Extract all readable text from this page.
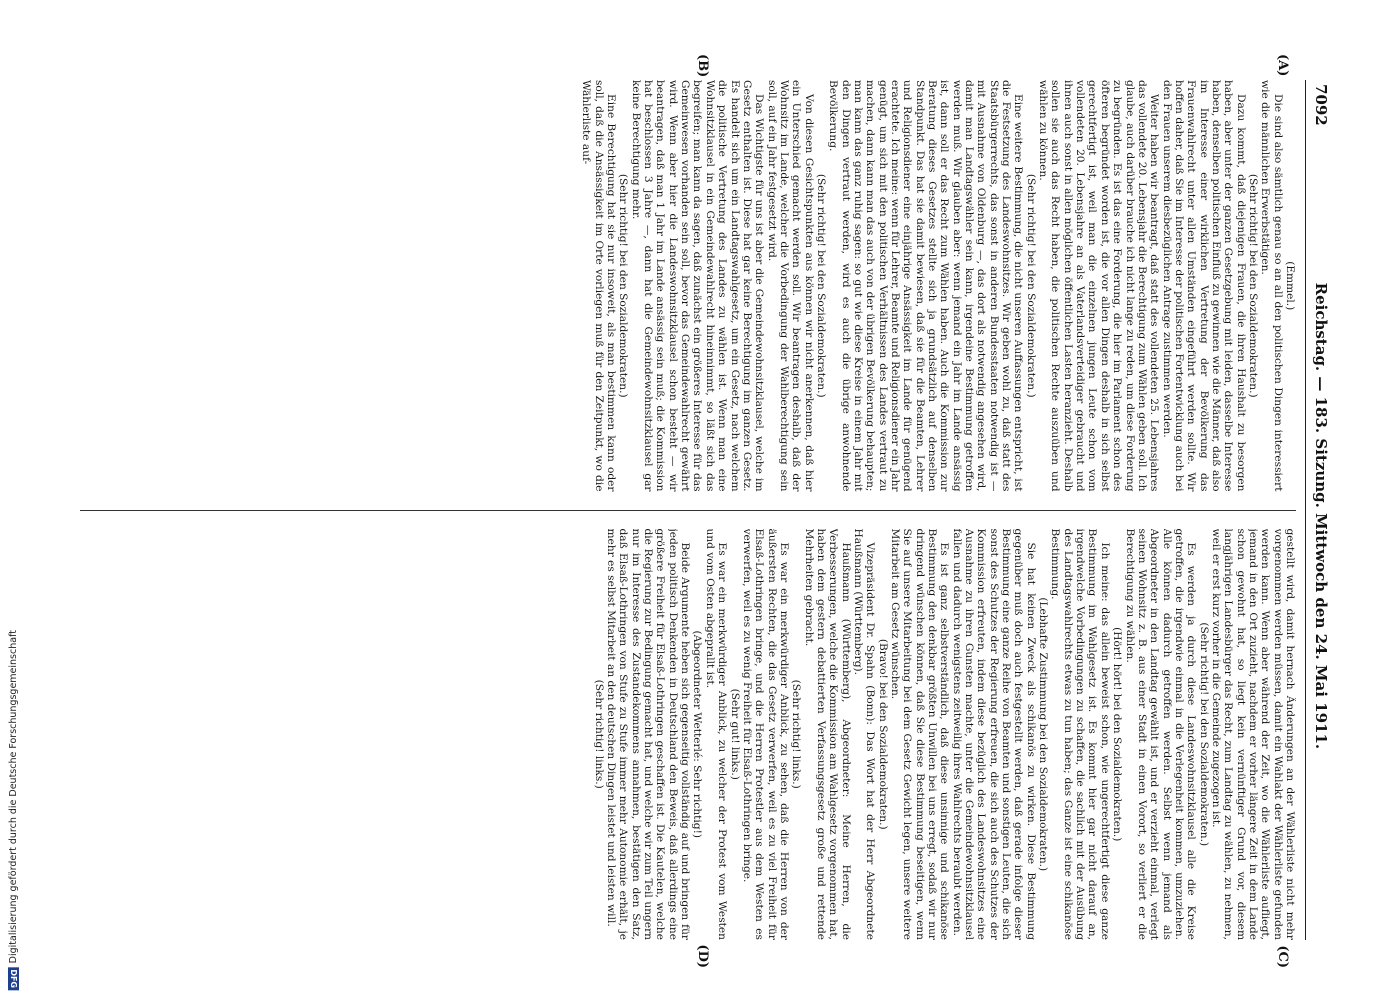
7092
Reichstag. — 183. Sitzung. Mittwoch den 24. Mai 1911.

(Emmel.)

Die sind also sämtlich genau so an all den politischen Dingen interessiert wie die männlichen Erwerbstätigen.

(Sehr richtig! bei den Sozialdemokraten.)

Dazu kommt, daß diejenigen Frauen, die ihren Haushalt zu besorgen haben, aber unter der ganzen Gesetzgebung mit leiden, dasselbe Interesse haben, denselben politischen Einfluß zu gewinnen wie die Männer, daß also im Interesse einer wirklichen Vertretung der Bevölkerung das Frauenwahlrecht unter allen Umständen eingeführt werden sollte. Wir hoffen daher, daß Sie im Interesse der politischen Fortentwicklung auch bei den Frauen unserem diesbezüglichen Antrage zustimmen werden.

Weiter haben wir beantragt, daß statt des vollendeten 25. Lebensjahres das vollendete 20. Lebensjahr die Berechtigung zum Wählen geben soll. Ich glaube, auch darüber brauche ich nicht lange zu reden, um diese Forderung zu begründen. Es ist das eine Forderung, die hier im Parlament schon des öfteren begründet worden ist, die vor allen Dingen deshalb in sich selbst gerechtfertigt ist, weil man die einzelnen jungen Leute schon vom vollendeten 20. Lebensjahre an als Vaterlandsverteidiger gebraucht und ihnen auch sonst in allen möglichen öffentlichen Lasten heranzieht. Deshalb sollen sie auch das Recht haben, die politischen Rechte auszuüben und wählen zu können.

(Sehr richtig! bei den Sozialdemokraten.)

Eine weitere Bestimmung, die nicht unseren Auffassungen entspricht, ist die Festsetzung des Landeswohnsitzes. Wir geben wohl zu, daß statt des Staatsbürgerrechts, das sonst in anderen Bundesstaaten notwendig ist — mit Ausnahme von Oldenburg —, das dort als notwendig angesehen wird, damit man Landtagswähler sein kann, irgendeine Bestimmung getroffen werden muß. Wir glauben aber: wenn jemand ein Jahr im Lande ansässig ist, dann soll er das Recht zum Wählen haben. Auch die Kommission zur Beratung dieses Gesetzes stellte sich ja grundsätzlich auf denselben Standpunkt. Das hat sie damit bewiesen, daß sie für die Beamten, Lehrer und Religionsdiener eine einjährige Ansässigkeit im Lande für genügend erachtete. Ich meine: wenn für Lehrer, Beamte und Religionsdiener ein Jahr genügt, um sich mit den politischen Verhältnissen des Landes vertraut zu machen, dann kann man das auch von der übrigen Bevölkerung behaupten; man kann das ganz ruhig sagen: so gut wie diese Kreise in einem Jahr mit den Dingen vertraut werden, wird es auch die übrige anwohnende Bevölkerung.

(Sehr richtig! bei den Sozialdemokraten.)

Von diesen Gesichtspunkten aus können wir nicht anerkennen, daß hier ein Unterschied gemacht werden soll. Wir beantragen deshalb, daß der Wohnsitz im Lande, welcher die Vorbedingung der Wahlberechtigung sein soll, auf ein Jahr festgesetzt wird.

Das Wichtigste für uns ist aber die Gemeindewohnsitzklausel, welche im Gesetz enthalten ist. Diese hat gar keine Berechtigung im ganzen Gesetz. Es handelt sich um ein Landtagswahlgesetz, um ein Gesetz, nach welchem die politische Vertretung des Landes zu wählen ist. Wenn man eine Wohnsitzklausel in ein Gemeindewahlrecht hineinnimmt, so läßt sich das begreifen; man kann da sagen, daß zunächst ein größeres Interesse für das Gemeinwesen vorhanden sein soll, bevor das Gemeindewahlrecht gewährt wird. Wenn aber hier die Landeswohnsitzklausel schon besteht — wir beantragen, daß man 1 Jahr im Lande ansässig sein muß; die Kommission hat beschlossen 3 Jahre —, dann hat die Gemeindewohnsitzklausel gar keine Berechtigung mehr.

(Sehr richtig! bei den Sozialdemokraten.)

Eine Berechtigung hat sie nur insoweit, als man bestimmen kann oder soll, daß die Ansässigkeit im Orte vorliegen muß für den Zeitpunkt, wo die Wählerliste auf-

gestellt wird, damit hernach Änderungen an der Wählerliste nicht mehr vorgenommen werden müssen, damit ein Wahlakt der Wählerliste gefunden werden kann. Wenn aber während der Zeit, wo die Wählerliste aufliegt, jemand in den Ort zuzieht, nachdem er vorher längere Zeit in dem Lande schon gewohnt hat, so liegt kein vernünftiger Grund vor, diesem langjährigen Landesbürger das Recht, zum Landtag zu wählen, zu nehmen, weil er erst kurz vorher in die Gemeinde zugezogen ist.

(Sehr richtig! bei den Sozialdemokraten.)

Es werden ja durch diese Landeswohnsitzklausel alle die Kreise getroffen, die irgendwie einmal in die Verlegenheit kommen, umzuziehen. Alle können dadurch getroffen werden. Selbst wenn jemand als Abgeordneter in den Landtag gewählt ist, und er verzieht einmal, verlegt seinen Wohnsitz z. B. aus einer Stadt in einen Vorort, so verliert er die Berechtigung zu wählen.

(Hört! hört! bei den Sozialdemokraten.)

Ich meine: das allein beweist schon, wie ungerechtfertigt diese ganze Bestimmung im Wahlgesetz ist. Es kommt hier gar nicht darauf an, irgendwelche Vorbedingungen zu schaffen, die sachlich mit der Ausübung des Landtagswahlrechts etwas zu tun haben; das Ganze ist eine schikanöse Bestimmung.

(Lebhafte Zustimmung bei den Sozialdemokraten.)

Sie hat keinen Zweck als schikanös zu wirken. Diese Bestimmung gegenüber muß doch auch festgestellt werden, daß gerade infolge dieser Bestimmung eine ganze Reihe von Beamten und sonstigen Leuten, die sich sonst des Schutzes der Regierung erfreuen, die sich auch des Schutzes der Kommission erfreuten, indem diese bezüglich des Landeswohnsitzes eine Ausnahme zu ihren Gunsten machte, unter die Gemeindewohnsitzklausel fallen und dadurch wenigstens zeitweilig ihres Wahlrechts beraubt werden.

Es ist ganz selbstverständlich, daß diese unsinnige und schikanöse Bestimmung den denkbar größten Unwillen bei uns erregt, sodaß wir nur dringend wünschen können, daß Sie diese Bestimmung beseitigen, wenn Sie auf unsere Mitarbeitung bei dem Gesetz Gewicht legen, unsere weitere Mitarbeit am Gesetz wünschen.

(Bravo! bei den Sozialdemokraten.)

Vizepräsident Dr. Spahn (Bonn): Das Wort hat der Herr Abgeordnete Haußmann (Württemberg).

Haußmann (Württemberg), Abgeordneter: Meine Herren, die Verbesserungen, welche die Kommission am Wahlgesetz vorgenommen hat, haben dem gestern debattierten Verfassungsgesetz große und rettende Mehrheiten gebracht.

(Sehr richtig! links.)

Es war ein merkwürdiger Anblick, zu sehen, daß die Herren von der äußersten Rechten, die das Gesetz verwerfen, weil es zu viel Freiheit für Elsaß-Lothringen bringe, und die Herren Protestler aus dem Westen es verwerfen, weil es zu wenig Freiheit für Elsaß-Lothringen bringe.

(Sehr gut! links.)

Es war ein merkwürdiger Anblick, zu welcher der Protest vom Westen und vom Osten abgeprallt ist.

(Abgeordneter Wetterlé: Sehr richtig!)

Beide Argumente heben sich gegenseitig vollständig auf und bringen für jeden politisch Denkenden in Deutschland den Beweis, daß allerdings eine größere Freiheit für Elsaß-Lothringen geschaffen ist. Die Kautelen, welche die Regierung zur Bedingung gemacht hat, und welche wir zum Teil ungern nur im Interesse des Zustandekommens annahmen, bestätigen den Satz, daß Elsaß-Lothringen von Stufe zu Stufe immer mehr Autonomie erhält, je mehr es selbst Mitarbeit an den deutschen Dingen leistet und leisten will.

(Sehr richtig! links.)

(A)
(B)
(C)
(D)
DFG
Digitalisierung gefördert durch die Deutsche Forschungsgemeinschaft
